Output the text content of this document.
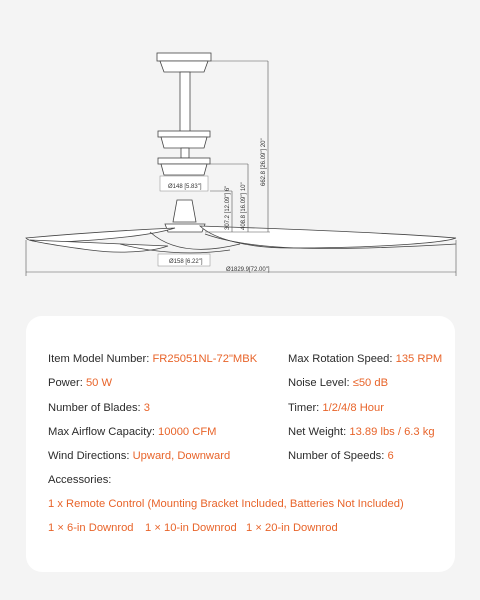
Ø148 [5.83"]
Ø158 [6.22"]
Ø1829.9[72.00"]
307.2 [12.09"] 6" 408.8 [16.09"] 10"
662.8 [26.09"] 20"
Item Model Number: FR25051NL-72"MBK
Power: 50 W
Number of Blades: 3
Max Airflow Capacity: 10000 CFM
Wind Directions: Upward, Downward
Accessories:
1 x Remote Control (Mounting Bracket Included, Batteries Not Included)
1 × 6-in Downrod 1 × 10-in Downrod 1 × 20-in Downrod
Max Rotation Speed: 135 RPM
Noise Level: ≤50 dB
Timer: 1/2/4/8 Hour
Net Weight: 13.89 lbs / 6.3 kg
Number of Speeds: 6
